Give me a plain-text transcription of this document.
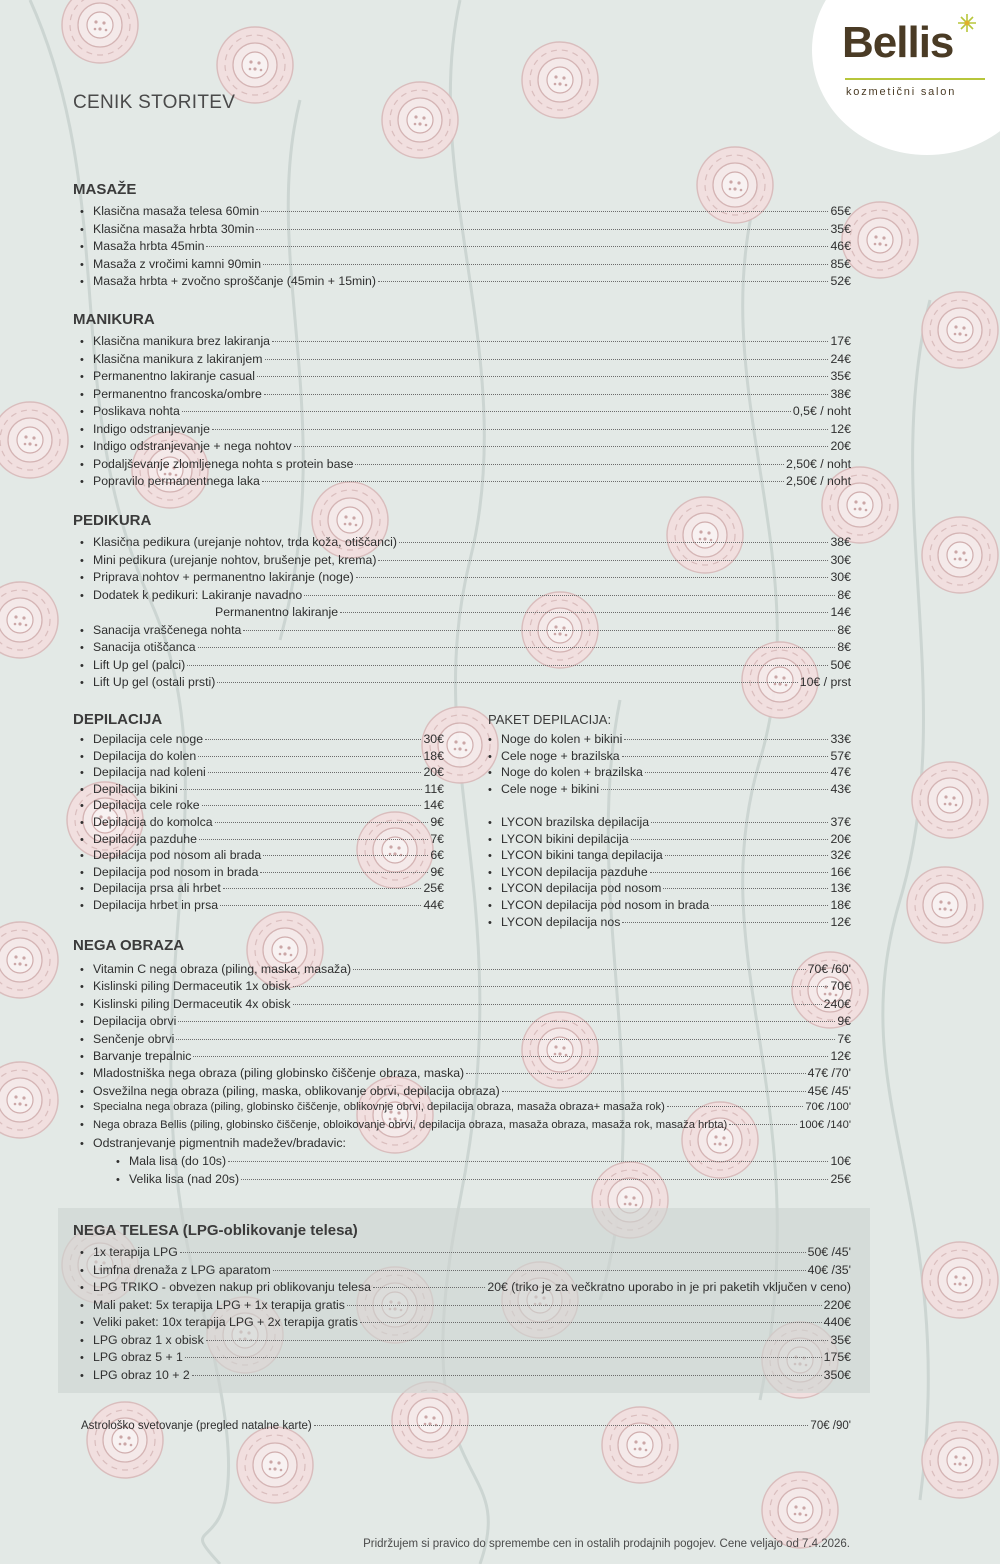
Bellis
kozmetični salon
CENIK STORITEV
MASAŽE
• Klasična masaža telesa 60min	65€
• Klasična masaža hrbta 30min	35€
• Masaža hrbta 45min	46€
• Masaža z vročimi kamni 90min	85€
• Masaža hrbta + zvočno sproščanje (45min + 15min)	52€
MANIKURA
• Klasična manikura brez lakiranja	17€
• Klasična manikura z lakiranjem	24€
• Permanentno lakiranje casual	35€
• Permanentno francoska/ombre	38€
• Poslikava nohta	0,5€ / noht
• Indigo odstranjevanje	12€
• Indigo odstranjevanje + nega nohtov	20€
• Podaljševanje zlomljenega nohta s protein base	2,50€ / noht
• Popravilo permanentnega laka	2,50€ / noht
PEDIKURA
• Klasična pedikura (urejanje nohtov, trda koža, otiščanci)	38€
• Mini pedikura (urejanje nohtov, brušenje pet, krema)	30€
• Priprava nohtov + permanentno lakiranje (noge)	30€
• Dodatek k pedikuri: Lakiranje navadno	8€
Permanentno lakiranje	14€
• Sanacija vraščenega nohta	8€
• Sanacija otiščanca	8€
• Lift Up gel (palci)	50€
• Lift Up gel (ostali prsti)	10€ / prst
DEPILACIJA
• Depilacija cele noge	30€
• Depilacija do kolen	18€
• Depilacija nad koleni	20€
• Depilacija bikini	11€
• Depilacija cele roke	14€
• Depilacija do komolca	9€
• Depilacija pazduhe	7€
• Depilacija pod nosom ali brada	6€
• Depilacija pod nosom in brada	9€
• Depilacija prsa ali hrbet	25€
• Depilacija hrbet in prsa	44€
PAKET DEPILACIJA:
• Noge do kolen + bikini	33€
• Cele noge + brazilska	57€
• Noge do kolen + brazilska	47€
• Cele noge + bikini	43€
• LYCON brazilska depilacija	37€
• LYCON bikini depilacija	20€
• LYCON bikini tanga depilacija	32€
• LYCON depilacija pazduhe	16€
• LYCON depilacija pod nosom	13€
• LYCON depilacija pod nosom in brada	18€
• LYCON depilacija nos	12€
NEGA OBRAZA
• Vitamin C nega obraza (piling, maska, masaža)	70€ /60'
• Kislinski piling Dermaceutik 1x obisk	70€
• Kislinski piling Dermaceutik 4x obisk	240€
• Depilacija obrvi	9€
• Senčenje obrvi	7€
• Barvanje trepalnic	12€
• Mladostniška nega obraza (piling globinsko čiščenje obraza, maska)	47€ /70'
• Osvežilna nega obraza (piling, maska, oblikovanje obrvi, depilacija obraza)	45€ /45'
• Specialna nega obraza (piling, globinsko čiščenje, oblikovnje obrvi, depilacija obraza, masaža obraza+ masaža rok)	70€ /100'
• Nega obraza Bellis (piling, globinsko čiščenje, obloikovanje obrvi, depilacija obraza, masaža obraza, masaža rok, masaža hrbta)	100€ /140'
• Odstranjevanje pigmentnih madežev/bradavic:
• Mala lisa (do 10s)	10€
• Velika lisa (nad 20s)	25€
NEGA TELESA (LPG-oblikovanje telesa)
• 1x terapija LPG	50€ /45'
• Limfna drenaža z LPG aparatom	40€ /35'
• LPG TRIKO - obvezen nakup pri oblikovanju telesa	20€ (triko je za večkratno uporabo in je pri paketih vključen v ceno)
• Mali paket: 5x terapija LPG + 1x terapija gratis	220€
• Veliki paket: 10x terapija LPG + 2x terapija gratis	440€
• LPG obraz 1 x obisk	35€
• LPG obraz 5 + 1	175€
• LPG obraz 10 + 2	350€
Astrološko svetovanje (pregled natalne karte)	70€ /90'
Pridržujem si pravico do spremembe cen in ostalih prodajnih pogojev. Cene veljajo od 7.4.2026.
